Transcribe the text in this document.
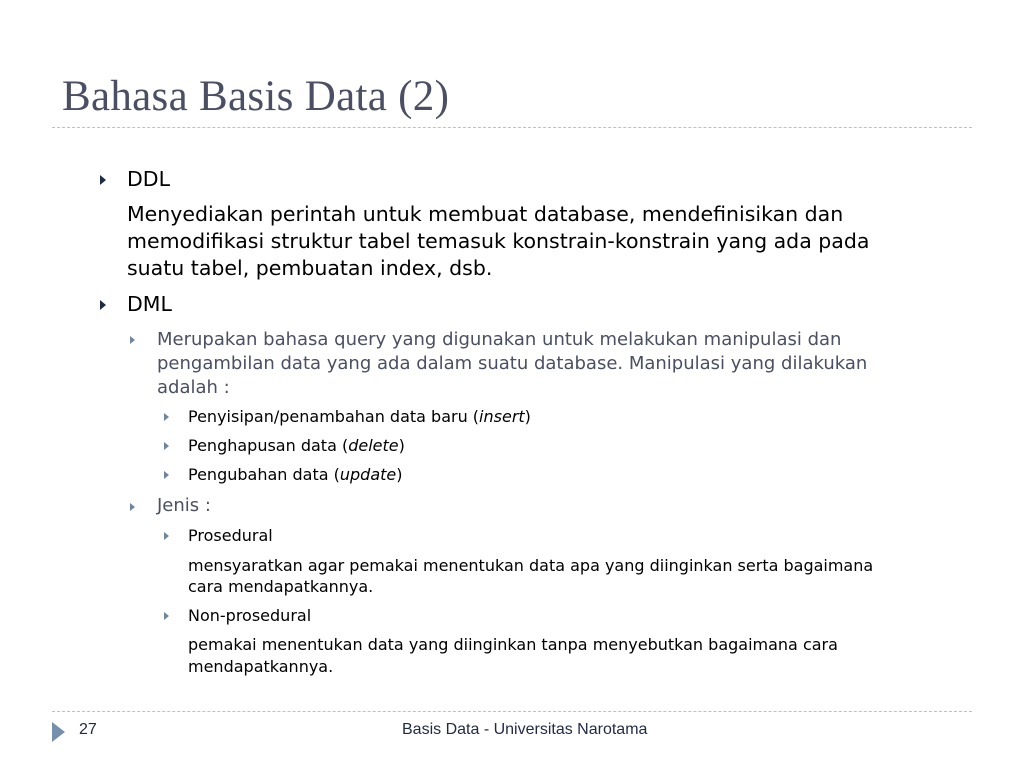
Bahasa Basis Data (2)
DDL
Menyediakan perintah untuk membuat database, mendefinisikan dan
memodifikasi struktur tabel temasuk konstrain-konstrain yang ada pada
suatu tabel, pembuatan index, dsb.
DML
Merupakan bahasa query yang digunakan untuk melakukan manipulasi dan
pengambilan data yang ada dalam suatu database. Manipulasi yang dilakukan
adalah :
Penyisipan/penambahan data baru (insert)
Penghapusan data (delete)
Pengubahan data (update)
Jenis :
Prosedural
mensyaratkan agar pemakai menentukan data apa yang diinginkan serta bagaimana
cara mendapatkannya.
Non-prosedural
pemakai menentukan data yang diinginkan tanpa menyebutkan bagaimana cara
mendapatkannya.
27	Basis Data - Universitas Narotama
